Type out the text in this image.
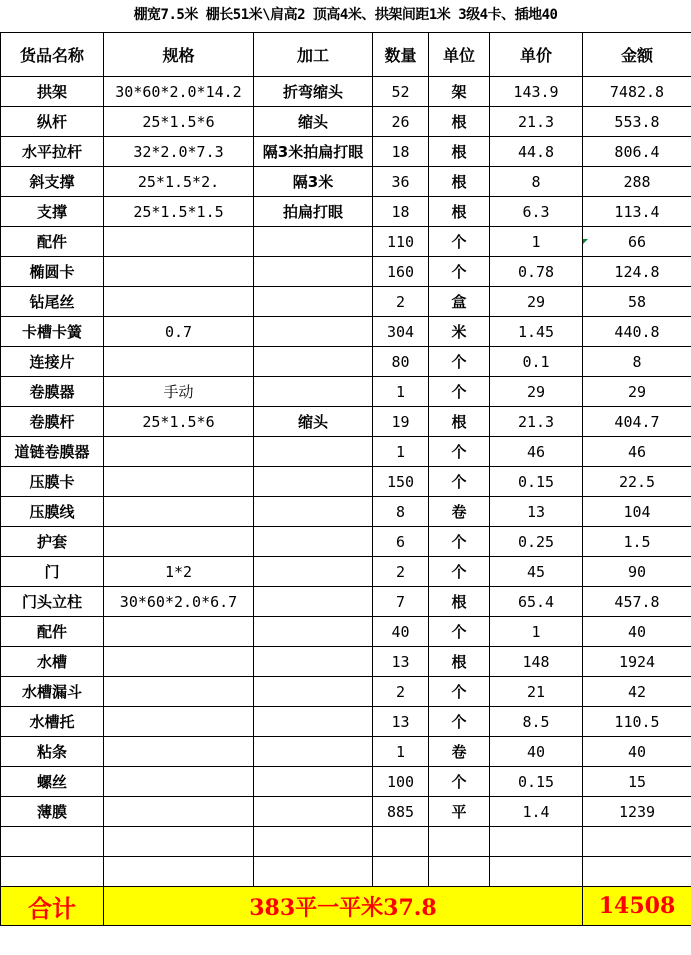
棚宽7.5米 棚长51米\肩高2 顶高4米、拱架间距1米 3级4卡、插地40
货品名称	规格	加工	数量	单位	单价	金额
拱架	30*60*2.0*14.2	折弯缩头	52	架	143.9	7482.8
纵杆	25*1.5*6	缩头	26	根	21.3	553.8
水平拉杆	32*2.0*7.3	隔3米拍扁打眼	18	根	44.8	806.4
斜支撑	25*1.5*2.	隔3米	36	根	8	288
支撑	25*1.5*1.5	拍扁打眼	18	根	6.3	113.4
配件			110	个	1	66
椭圆卡			160	个	0.78	124.8
钻尾丝			2	盒	29	58
卡槽卡簧	0.7		304	米	1.45	440.8
连接片			80	个	0.1	8
卷膜器	手动		1	个	29	29
卷膜杆	25*1.5*6	缩头	19	根	21.3	404.7
道链卷膜器			1	个	46	46
压膜卡			150	个	0.15	22.5
压膜线			8	卷	13	104
护套			6	个	0.25	1.5
门	1*2		2	个	45	90
门头立柱	30*60*2.0*6.7		7	根	65.4	457.8
配件			40	个	1	40
水槽			13	根	148	1924
水槽漏斗			2	个	21	42
水槽托			13	个	8.5	110.5
粘条			1	卷	40	40
螺丝			100	个	0.15	15
薄膜			885	平	1.4	1239

合计	383平一平米37.8					14508
